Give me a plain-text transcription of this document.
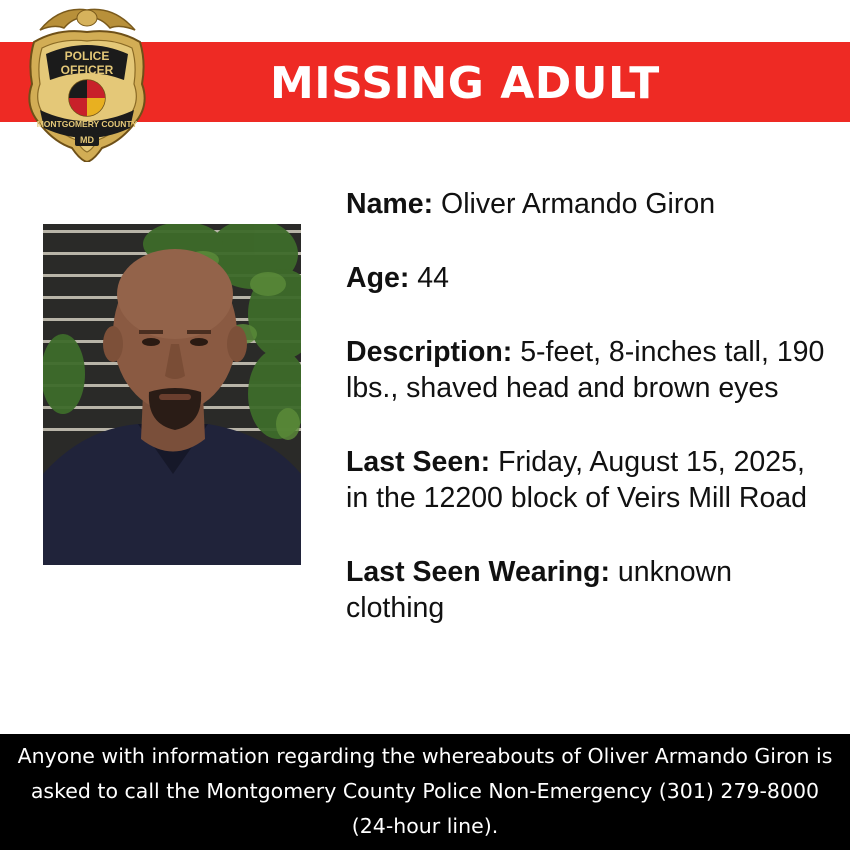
MISSING ADULT
POLICE
OFFICER
MONTGOMERY COUNTY
MD

Name: Oliver Armando Giron

Age: 44

Description: 5-feet, 8-inches tall, 190 lbs., shaved head and brown eyes

Last Seen: Friday, August 15, 2025, in the 12200 block of Veirs Mill Road

Last Seen Wearing: unknown clothing

Anyone with information regarding the whereabouts of Oliver Armando Giron is asked to call the Montgomery County Police Non-Emergency (301) 279-8000 (24-hour line).
